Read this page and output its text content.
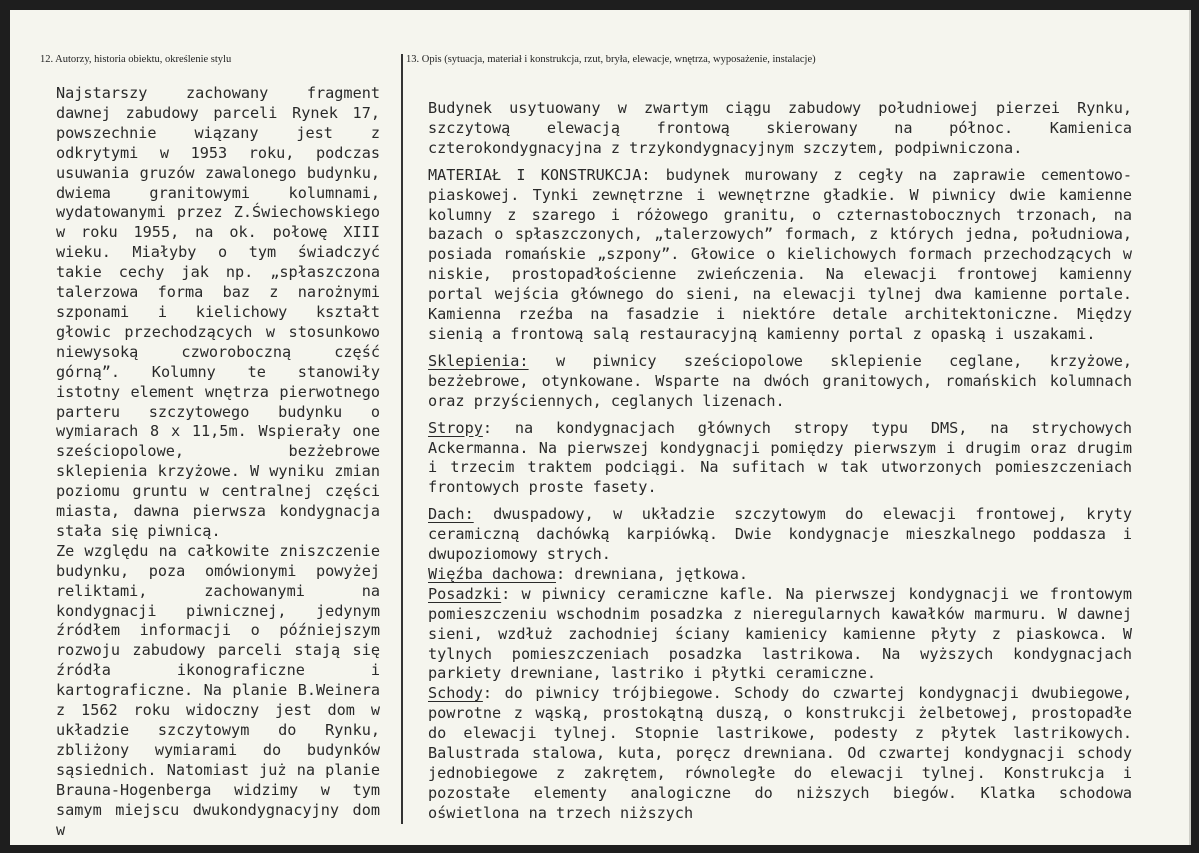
12. Autorzy, historia obiektu, określenie stylu	13. Opis (sytuacja, materiał i konstrukcja, rzut, bryła, elewacje, wnętrza, wyposażenie, instalacje)

Najstarszy zachowany fragment dawnej zabudowy parceli Rynek 17, powszechnie wiązany jest z odkrytymi w 1953 roku, podczas usuwania gruzów zawalonego budynku, dwiema granitowymi kolumnami, wydatowanymi przez Z.Świechowskiego w roku 1955, na ok. połowę XIII wieku. Miałyby o tym świadczyć takie cechy jak np. „spłaszczona talerzowa forma baz z narożnymi szponami i kielichowy kształt głowic przechodzących w stosunkowo niewysoką czworoboczną część górną”. Kolumny te stanowiły istotny element wnętrza pierwotnego parteru szczytowego budynku o wymiarach 8 x 11,5m. Wspierały one sześciopolowe, bezżebrowe sklepienia krzyżowe. W wyniku zmian poziomu gruntu w centralnej części miasta, dawna pierwsza kondygnacja stała się piwnicą.

Ze względu na całkowite zniszczenie budynku, poza omówionymi powyżej reliktami, zachowanymi na kondygnacji piwnicznej, jedynym źródłem informacji o późniejszym rozwoju zabudowy parceli stają się źródła ikonograficzne i kartograficzne. Na planie B.Weinera z 1562 roku widoczny jest dom w układzie szczytowym do Rynku, zbliżony wymiarami do budynków sąsiednich. Natomiast już na planie Brauna-Hogenberga widzimy w tym samym miejscu dwukondygnacyjny dom w

Budynek usytuowany w zwartym ciągu zabudowy południowej pierzei Rynku, szczytową elewacją frontową skierowany na północ. Kamienica czterokondygnacyjna z trzykondygnacyjnym szczytem, podpiwniczona.

MATERIAŁ I KONSTRUKCJA: budynek murowany z cegły na zaprawie cementowo-piaskowej. Tynki zewnętrzne i wewnętrzne gładkie. W piwnicy dwie kamienne kolumny z szarego i różowego granitu, o czternastobocznych trzonach, na bazach o spłaszczonych, „talerzowych” formach, z których jedna, południowa, posiada romańskie „szpony”. Głowice o kielichowych formach przechodzących w niskie, prostopadłościenne zwieńczenia. Na elewacji frontowej kamienny portal wejścia głównego do sieni, na elewacji tylnej dwa kamienne portale. Kamienna rzeźba na fasadzie i niektóre detale architektoniczne. Między sienią a frontową salą restauracyjną kamienny portal z opaską i uszakami.

Sklepienia: w piwnicy sześciopolowe sklepienie ceglane, krzyżowe, bezżebrowe, otynkowane. Wsparte na dwóch granitowych, romańskich kolumnach oraz przyściennych, ceglanych lizenach.

Stropy: na kondygnacjach głównych stropy typu DMS, na strychowych Ackermanna. Na pierwszej kondygnacji pomiędzy pierwszym i drugim oraz drugim i trzecim traktem podciągi. Na sufitach w tak utworzonych pomieszczeniach frontowych proste fasety.

Dach: dwuspadowy, w układzie szczytowym do elewacji frontowej, kryty ceramiczną dachówką karpiówką. Dwie kondygnacje mieszkalnego poddasza i dwupoziomowy strych.

Więźba dachowa: drewniana, jętkowa.

Posadzki: w piwnicy ceramiczne kafle. Na pierwszej kondygnacji we frontowym pomieszczeniu wschodnim posadzka z nieregularnych kawałków marmuru. W dawnej sieni, wzdłuż zachodniej ściany kamienicy kamienne płyty z piaskowca. W tylnych pomieszczeniach posadzka lastrikowa. Na wyższych kondygnacjach parkiety drewniane, lastriko i płytki ceramiczne.

Schody: do piwnicy trójbiegowe. Schody do czwartej kondygnacji dwubiegowe, powrotne z wąską, prostokątną duszą, o konstrukcji żelbetowej, prostopadłe do elewacji tylnej. Stopnie lastrikowe, podesty z płytek lastrikowych. Balustrada stalowa, kuta, poręcz drewniana. Od czwartej kondygnacji schody jednobiegowe z zakrętem, równoległe do elewacji tylnej. Konstrukcja i pozostałe elementy analogiczne do niższych biegów. Klatka schodowa oświetlona na trzech niższych
